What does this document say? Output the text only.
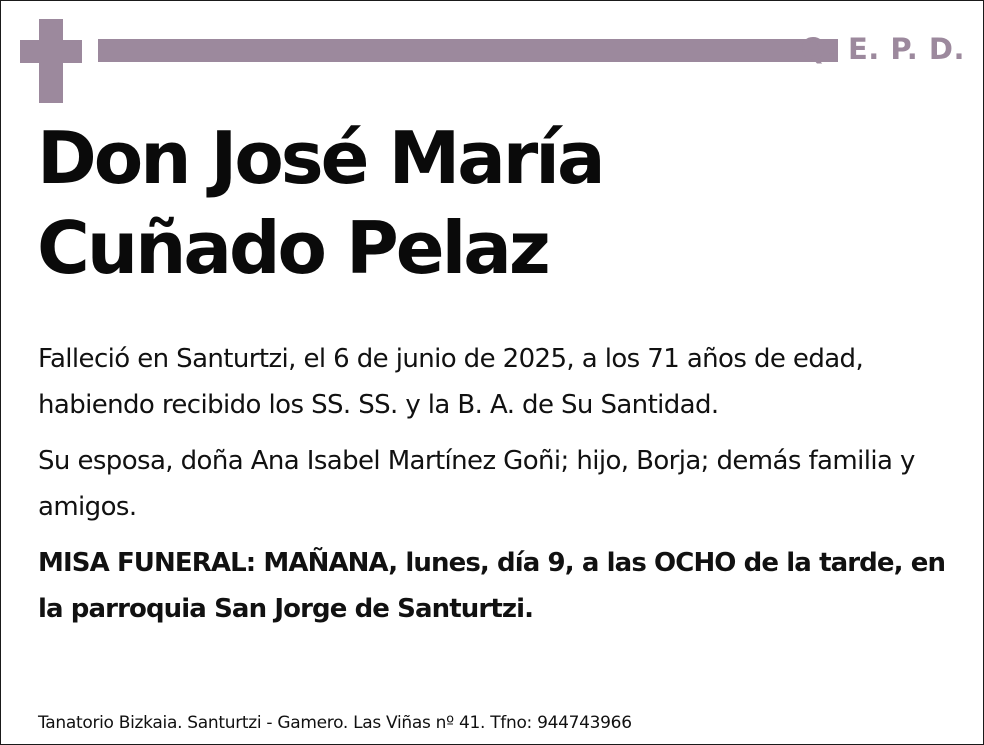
Q. E. P. D.
Don José María
Cuñado Pelaz

Falleció en Santurtzi, el 6 de junio de 2025, a los 71 años de edad, habiendo recibido los SS. SS. y la B. A. de Su Santidad.

Su esposa, doña Ana Isabel Martínez Goñi; hijo, Borja; demás familia y amigos.

MISA FUNERAL: MAÑANA, lunes, día 9, a las OCHO de la tarde, en la parroquia San Jorge de Santurtzi.

Tanatorio Bizkaia. Santurtzi - Gamero. Las Viñas nº 41. Tfno: 944743966
